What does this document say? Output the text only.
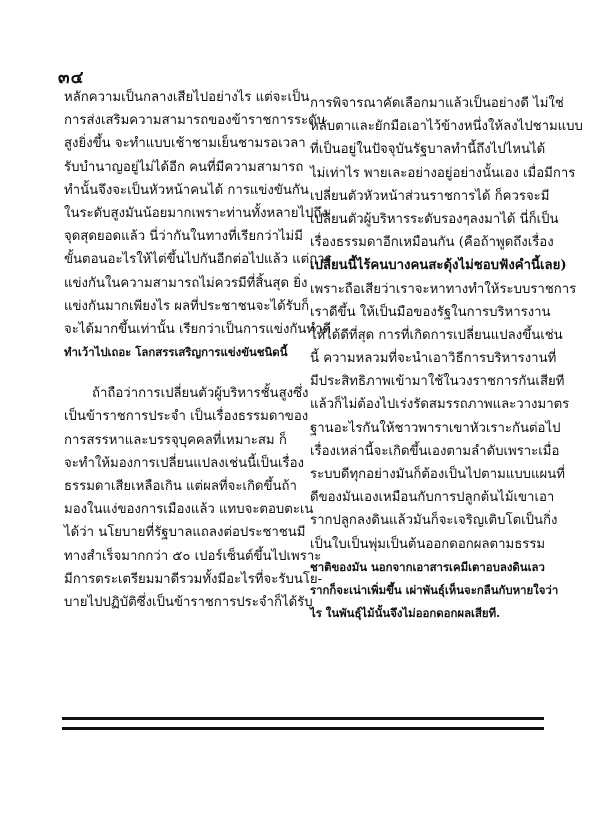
๓๔
หลักความเป็นกลางเสียไปอย่างไร แต่จะเป็น
การส่งเสริมความสามารถของข้าราชการระดับ
สูงยิ่งขึ้น จะทำแบบเช้าชามเย็นชามรอเวลา
รับบำนาญอยู่ไม่ได้อีก คนที่มีความสามารถ
ทำนั้นจึงจะเป็นหัวหน้าคนได้ การแข่งขันกัน
ในระดับสูงมันน้อยมากเพราะท่านทั้งหลายไปถึง
จุดสุดยอดแล้ว นี่ว่ากันในทางที่เรียกว่าไม่มี
ขั้นตอนอะไรให้ไต่ขึ้นไปกันอีกต่อไปแล้ว แต่การ
แข่งกันในความสามารถไม่ควรมีที่สิ้นสุด ยิ่ง
แข่งกันมากเพียงไร ผลที่ประชาชนจะได้รับก็
จะได้มากขึ้นเท่านั้น เรียกว่าเป็นการแข่งกันทำดี
ทำเว้าไปเถอะ โลกสรรเสริญการแข่งขันชนิดนี้
ถ้าถือว่าการเปลี่ยนตัวผู้บริหารชั้นสูงซึ่ง
เป็นข้าราชการประจำ เป็นเรื่องธรรมดาของ
การสรรหาและบรรจุบุคคลที่เหมาะสม ก็
จะทำให้มองการเปลี่ยนแปลงเช่นนี้เป็นเรื่อง
ธรรมดาเสียเหลือเกิน แต่ผลที่จะเกิดขึ้นถ้า
มองในแง่ของการเมืองแล้ว แทบจะตอบตะเน
ได้ว่า นโยบายที่รัฐบาลแถลงต่อประชาชนมี
ทางสำเร็จมากกว่า ๕๐ เปอร์เซ็นต์ขึ้นไปเพราะ
มีการตระเตรียมมาดีรวมทั้งมีอะไรที่จะรับนโย-
บายไปปฏิบัติซึ่งเป็นข้าราชการประจำก็ได้รับ
การพิจารณาคัดเลือกมาแล้วเป็นอย่างดี ไม่ใช่
หลับตาและยักมือเอาไว้ข้างหนึ่งให้ลงไปชามแบบ
ที่เป็นอยู่ในปัจจุบันรัฐบาลทำนี้ถึงไปไหนได้
ไม่เท่าไร พายเละอย่างอยู่อย่างนั้นเอง เมื่อมีการ
เปลี่ยนตัวหัวหน้าส่วนราชการได้ ก็ควรจะมี
เปลี่ยนตัวผู้บริหารระดับรองๆลงมาได้ นี่ก็เป็น
เรื่องธรรมดาอีกเหมือนกัน (คือถ้าพูดถึงเรื่อง
เปลี่ยนนี้ไร้คนบางคนสะดุ้งไม่ชอบฟังคำนี้เลย)
เพราะถือเสียว่าเราจะหาทางทำให้ระบบราชการ
เราดีขึ้น ให้เป็นมือของรัฐในการบริหารงาน
ให้ได้ดีที่สุด การที่เกิดการเปลี่ยนแปลงขึ้นเช่น
นี้ ความหลวมที่จะนำเอาวิธีการบริหารงานที่
มีประสิทธิภาพเข้ามาใช้ในวงราชการกันเสียที
แล้วก็ไม่ต้องไปเร่งรัดสมรรถภาพและวางมาตร
ฐานอะไรกันให้ชาวพาราเขาหัวเราะกันต่อไป
เรื่องเหล่านี้จะเกิดขึ้นเองตามลำดับเพราะเมื่อ
ระบบดีทุกอย่างมันก็ต้องเป็นไปตามแบบแผนที่
ดีของมันเองเหมือนกับการปลูกต้นไม้เขาเอา
รากปลูกลงดินแล้วมันก็จะเจริญเติบโตเป็นกิ่ง
เป็นใบเป็นพุ่มเป็นต้นออกดอกผลตามธรรม
ชาติของมัน นอกจากเอาสารเคมีเตาอบลงดินเลว
รากก็จะเน่าเพิ่มขึ้น เผ่าพันธุ์เห็นจะกลืนกับหายใจว่า
ไร ในพันธุ์ไม้นั้นจึงไม่ออกดอกผลเสียที.
